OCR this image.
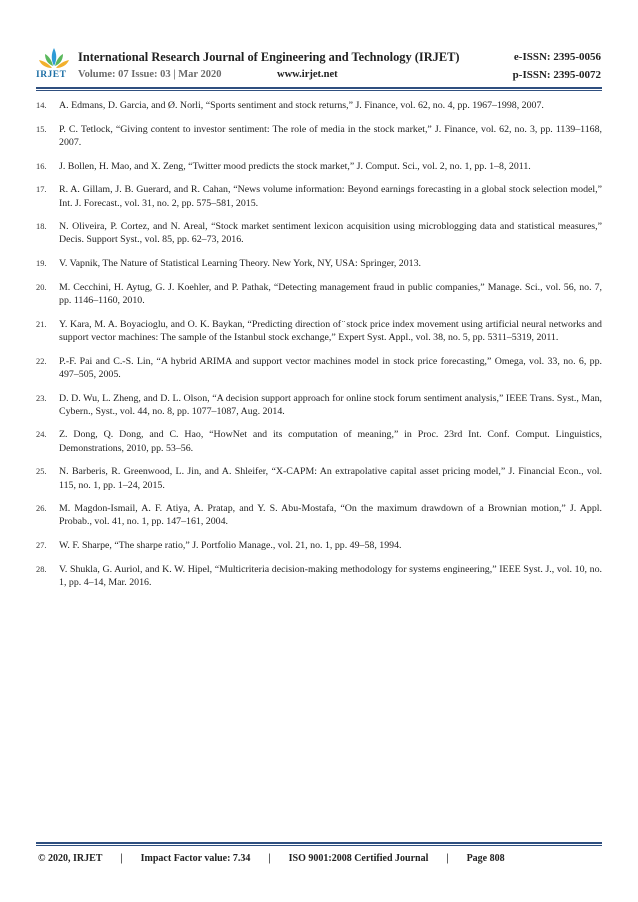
IRJET
International Research Journal of Engineering and Technology (IRJET)	e-ISSN: 2395-0056
Volume: 07 Issue: 03 | Mar 2020	www.irjet.net	p-ISSN: 2395-0072
14.	A. Edmans, D. Garcia, and Ø. Norli, “Sports sentiment and stock returns,” J. Finance, vol. 62, no. 4, pp. 1967–1998, 2007.
15.	P. C. Tetlock, “Giving content to investor sentiment: The role of media in the stock market,” J. Finance, vol. 62, no. 3, pp. 1139–1168, 2007.
16.	J. Bollen, H. Mao, and X. Zeng, “Twitter mood predicts the stock market,” J. Comput. Sci., vol. 2, no. 1, pp. 1–8, 2011.
17.	R. A. Gillam, J. B. Guerard, and R. Cahan, “News volume information: Beyond earnings forecasting in a global stock selection model,” Int. J. Forecast., vol. 31, no. 2, pp. 575–581, 2015.
18.	N. Oliveira, P. Cortez, and N. Areal, “Stock market sentiment lexicon acquisition using microblogging data and statistical measures,” Decis. Support Syst., vol. 85, pp. 62–73, 2016.
19.	V. Vapnik, The Nature of Statistical Learning Theory. New York, NY, USA: Springer, 2013.
20.	M. Cecchini, H. Aytug, G. J. Koehler, and P. Pathak, “Detecting management fraud in public companies,” Manage. Sci., vol. 56, no. 7, pp. 1146–1160, 2010.
21.	Y. Kara, M. A. Boyacioglu, and O. K. Baykan, “Predicting direction of ̈ stock price index movement using artificial neural networks and support vector machines: The sample of the Istanbul stock exchange,” Expert Syst. Appl., vol. 38, no. 5, pp. 5311–5319, 2011.
22.	P.-F. Pai and C.-S. Lin, “A hybrid ARIMA and support vector machines model in stock price forecasting,” Omega, vol. 33, no. 6, pp. 497–505, 2005.
23.	D. D. Wu, L. Zheng, and D. L. Olson, “A decision support approach for online stock forum sentiment analysis,” IEEE Trans. Syst., Man, Cybern., Syst., vol. 44, no. 8, pp. 1077–1087, Aug. 2014.
24.	Z. Dong, Q. Dong, and C. Hao, “HowNet and its computation of meaning,” in Proc. 23rd Int. Conf. Comput. Linguistics, Demonstrations, 2010, pp. 53–56.
25.	N. Barberis, R. Greenwood, L. Jin, and A. Shleifer, “X-CAPM: An extrapolative capital asset pricing model,” J. Financial Econ., vol. 115, no. 1, pp. 1–24, 2015.
26.	M. Magdon-Ismail, A. F. Atiya, A. Pratap, and Y. S. Abu-Mostafa, “On the maximum drawdown of a Brownian motion,” J. Appl. Probab., vol. 41, no. 1, pp. 147–161, 2004.
27.	W. F. Sharpe, “The sharpe ratio,” J. Portfolio Manage., vol. 21, no. 1, pp. 49–58, 1994.
28.	V. Shukla, G. Auriol, and K. W. Hipel, “Multicriteria decision-making methodology for systems engineering,” IEEE Syst. J., vol. 10, no. 1, pp. 4–14, Mar. 2016.
© 2020, IRJET | Impact Factor value: 7.34 | ISO 9001:2008 Certified Journal | Page 808
